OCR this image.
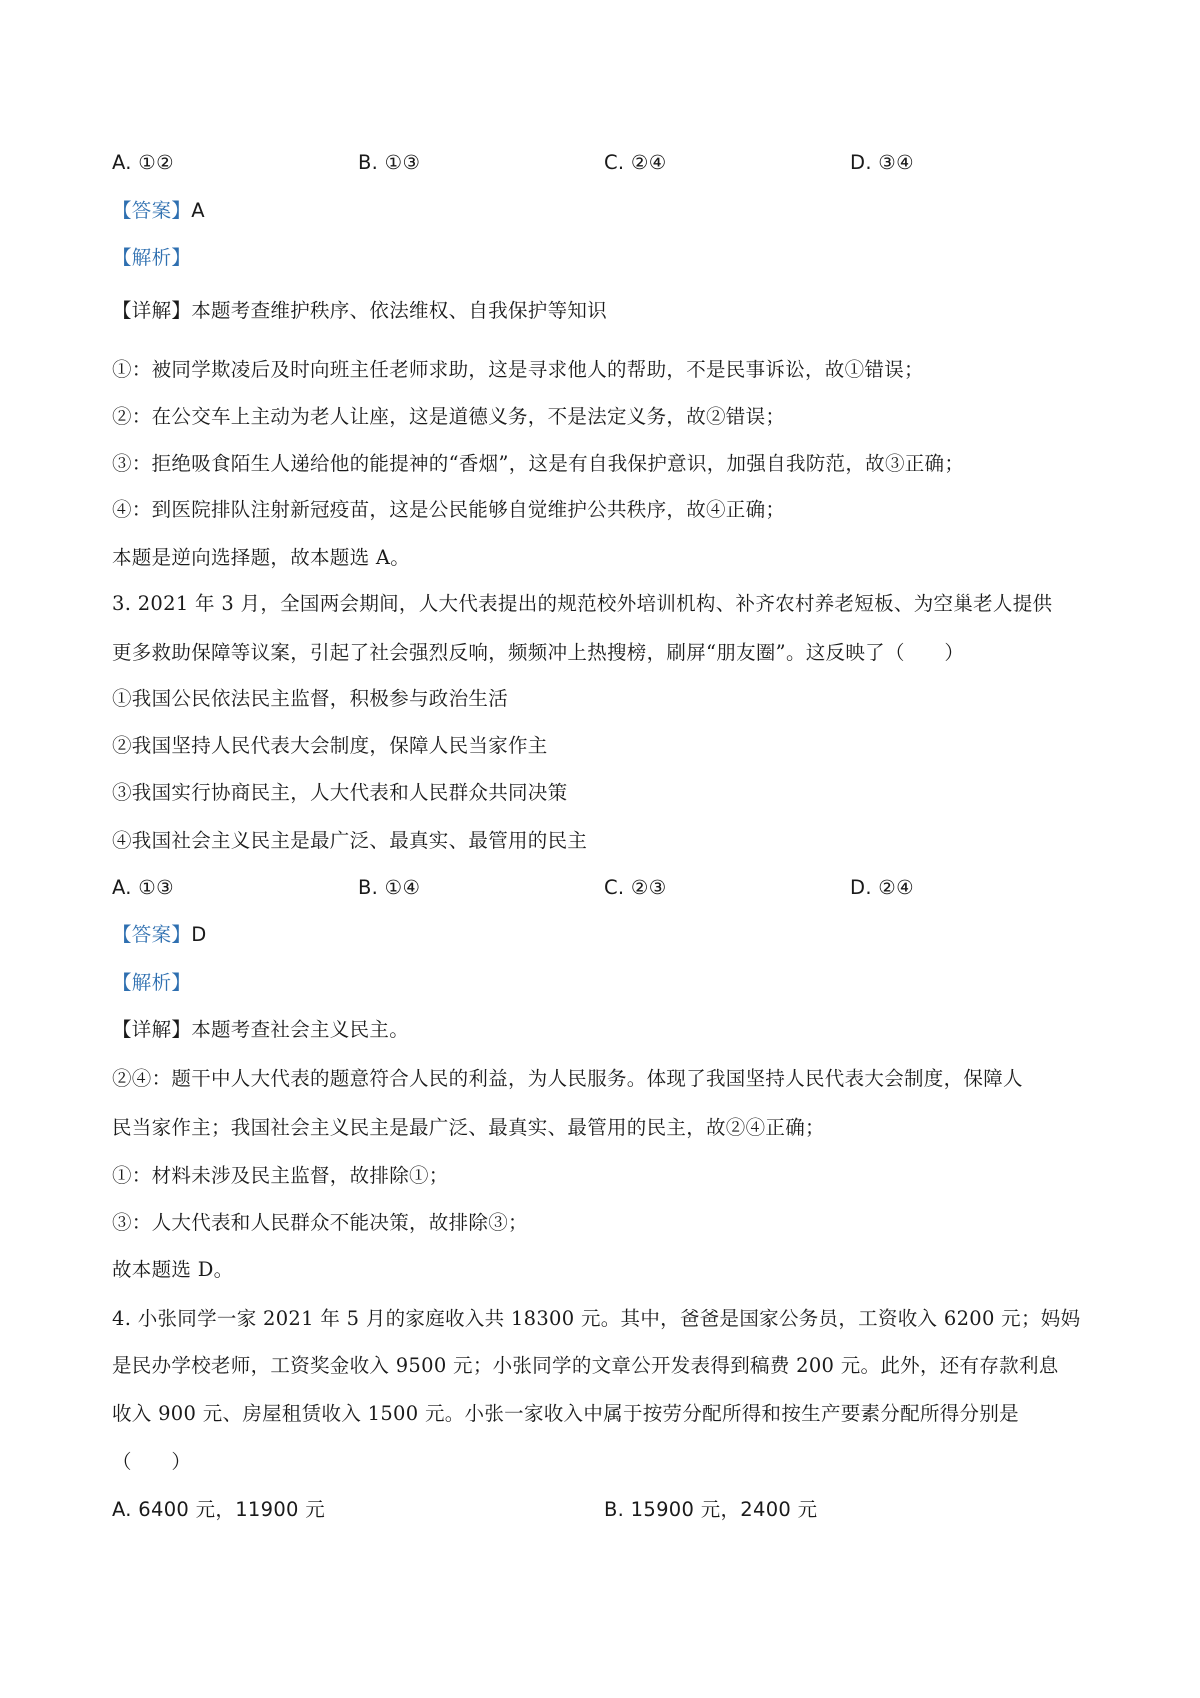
A. ①②	B. ①③	C. ②④	D. ③④
【答案】A
【解析】
【详解】本题考查维护秩序、依法维权、自我保护等知识
①：被同学欺凌后及时向班主任老师求助，这是寻求他人的帮助，不是民事诉讼，故①错误；
②：在公交车上主动为老人让座，这是道德义务，不是法定义务，故②错误；
③：拒绝吸食陌生人递给他的能提神的“香烟”，这是有自我保护意识，加强自我防范，故③正确；
④：到医院排队注射新冠疫苗，这是公民能够自觉维护公共秩序，故④正确；
本题是逆向选择题，故本题选 A。
3. 2021 年 3 月，全国两会期间，人大代表提出的规范校外培训机构、补齐农村养老短板、为空巢老人提供
更多救助保障等议案，引起了社会强烈反响，频频冲上热搜榜，刷屏“朋友圈”。这反映了（　　）
①我国公民依法民主监督，积极参与政治生活
②我国坚持人民代表大会制度，保障人民当家作主
③我国实行协商民主，人大代表和人民群众共同决策
④我国社会主义民主是最广泛、最真实、最管用的民主
A. ①③	B. ①④	C. ②③	D. ②④
【答案】D
【解析】
【详解】本题考查社会主义民主。
②④：题干中人大代表的题意符合人民的利益，为人民服务。体现了我国坚持人民代表大会制度，保障人
民当家作主；我国社会主义民主是最广泛、最真实、最管用的民主，故②④正确；
①：材料未涉及民主监督，故排除①；
③：人大代表和人民群众不能决策，故排除③；
故本题选 D。
4. 小张同学一家 2021 年 5 月的家庭收入共 18300 元。其中，爸爸是国家公务员，工资收入 6200 元；妈妈
是民办学校老师，工资奖金收入 9500 元；小张同学的文章公开发表得到稿费 200 元。此外，还有存款利息
收入 900 元、房屋租赁收入 1500 元。小张一家收入中属于按劳分配所得和按生产要素分配所得分别是
（　　）
A. 6400 元，11900 元	B. 15900 元，2400 元
